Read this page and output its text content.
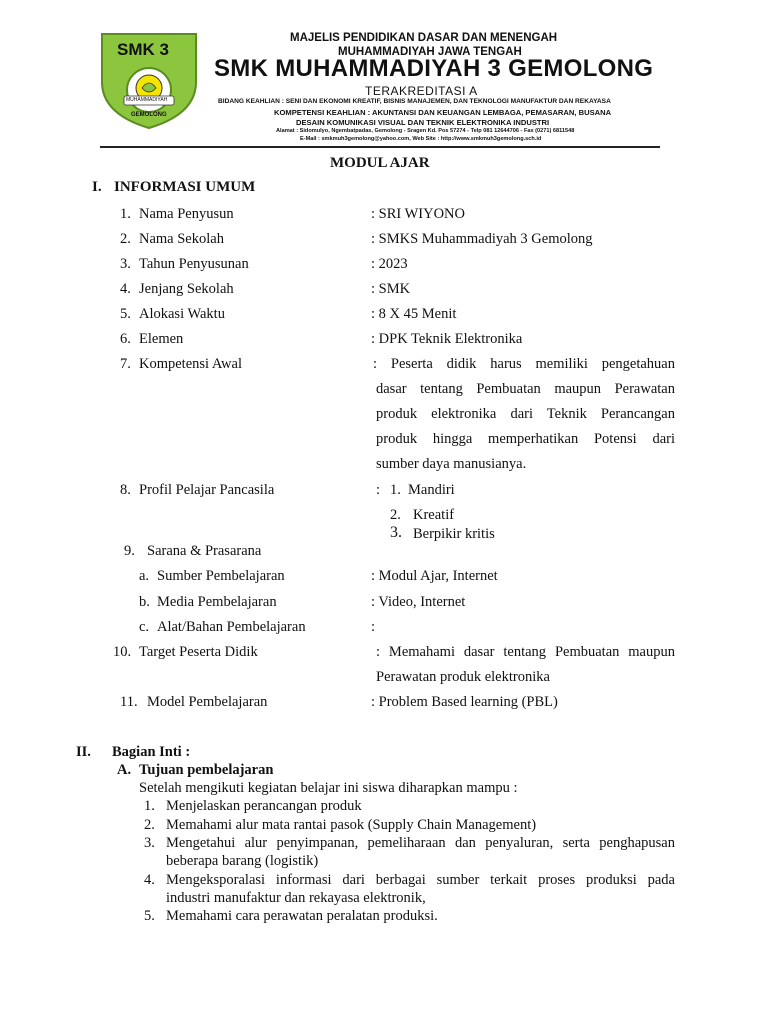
SMK 3
MUHAMMADIYAH
GEMOLONG
MAJELIS PENDIDIKAN DASAR DAN MENENGAH
MUHAMMADIYAH JAWA TENGAH
SMK MUHAMMADIYAH 3 GEMOLONG
TERAKREDITASI A
BIDANG KEAHLIAN : SENI DAN EKONOMI KREATIF, BISNIS MANAJEMEN, DAN TEKNOLOGI MANUFAKTUR DAN REKAYASA
KOMPETENSI KEAHLIAN : AKUNTANSI DAN KEUANGAN LEMBAGA, PEMASARAN, BUSANA
DESAIN KOMUNIKASI VISUAL DAN TEKNIK ELEKTRONIKA INDUSTRI
Alamat : Sidomulyo, Ngembatpadas, Gemolong - Sragen Kd. Pos 57274 - Telp 081 12644706 - Fax (0271) 6811548
E-Mail : smkmuh3gemolong@yahoo.com, Web Site : http://www.smkmuh3gemolong.sch.id
MODUL AJAR
I. INFORMASI UMUM
1. Nama Penyusun	: SRI WIYONO
2. Nama Sekolah	: SMKS Muhammadiyah 3 Gemolong
3. Tahun Penyusunan	: 2023
4. Jenjang Sekolah	: SMK
5. Alokasi Waktu	: 8 X 45 Menit
6. Elemen	: DPK Teknik Elektronika
7. Kompetensi Awal	: Peserta didik harus memiliki pengetahuan
dasar tentang Pembuatan maupun Perawatan
produk elektronika dari Teknik Perancangan
produk hingga memperhatikan Potensi dari
sumber daya manusianya.
8. Profil Pelajar Pancasila	: 1. Mandiri
2. Kreatif
3. Berpikir kritis
9. Sarana & Prasarana
a. Sumber Pembelajaran	: Modul Ajar, Internet
b. Media Pembelajaran	: Video, Internet
c. Alat/Bahan Pembelajaran	:
10. Target Peserta Didik	: Memahami dasar tentang Pembuatan maupun
Perawatan produk elektronika
11. Model Pembelajaran	: Problem Based learning (PBL)
II. Bagian Inti :
A. Tujuan pembelajaran
Setelah mengikuti kegiatan belajar ini siswa diharapkan mampu :
1. Menjelaskan perancangan produk
2. Memahami alur mata rantai pasok (Supply Chain Management)
3. Mengetahui alur penyimpanan, pemeliharaan dan penyaluran, serta penghapusan
beberapa barang (logistik)
4. Mengeksporalasi informasi dari berbagai sumber terkait proses produksi pada
industri manufaktur dan rekayasa elektronik,
5. Memahami cara perawatan peralatan produksi.
